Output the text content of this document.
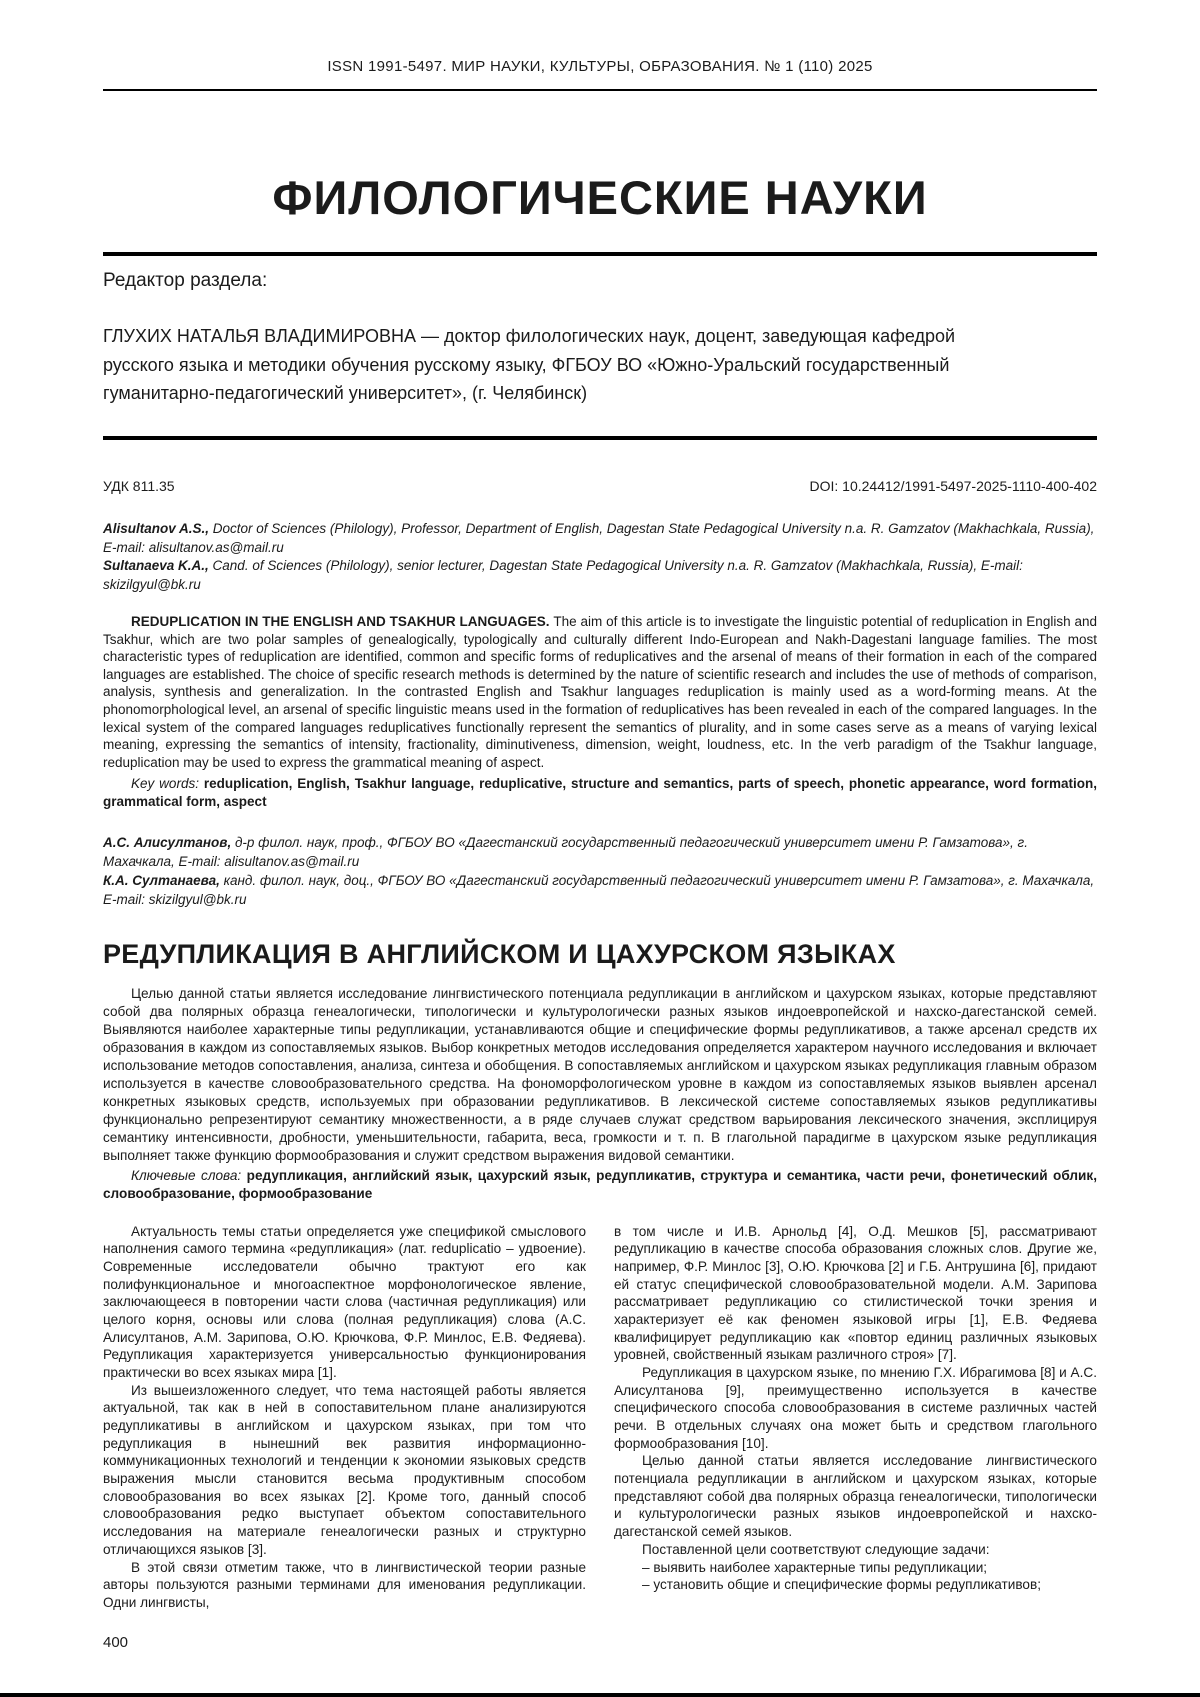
ISSN 1991-5497. МИР НАУКИ, КУЛЬТУРЫ, ОБРАЗОВАНИЯ. № 1 (110) 2025
ФИЛОЛОГИЧЕСКИЕ НАУКИ
Редактор раздела:
ГЛУХИХ НАТАЛЬЯ ВЛАДИМИРОВНА — доктор филологических наук, доцент, заведующая кафедрой русского языка и методики обучения русскому языку, ФГБОУ ВО «Южно-Уральский государственный гуманитарно-педагогический университет», (г. Челябинск)
УДК 811.35	DOI: 10.24412/1991-5497-2025-1110-400-402
Alisultanov A.S., Doctor of Sciences (Philology), Professor, Department of English, Dagestan State Pedagogical University n.a. R. Gamzatov (Makhachkala, Russia), E-mail: alisultanov.as@mail.ru
Sultanaeva K.A., Cand. of Sciences (Philology), senior lecturer, Dagestan State Pedagogical University n.a. R. Gamzatov (Makhachkala, Russia), E-mail: skizilgyul@bk.ru

REDUPLICATION IN THE ENGLISH AND TSAKHUR LANGUAGES. The aim of this article is to investigate the linguistic potential of reduplication in English and Tsakhur, which are two polar samples of genealogically, typologically and culturally different Indo-European and Nakh-Dagestani language families. The most characteristic types of reduplication are identified, common and specific forms of reduplicatives and the arsenal of means of their formation in each of the compared languages are established. The choice of specific research methods is determined by the nature of scientific research and includes the use of methods of comparison, analysis, synthesis and generalization. In the contrasted English and Tsakhur languages reduplication is mainly used as a word-forming means. At the phonomorphological level, an arsenal of specific linguistic means used in the formation of reduplicatives has been revealed in each of the compared languages. In the lexical system of the compared languages reduplicatives functionally represent the semantics of plurality, and in some cases serve as a means of varying lexical meaning, expressing the semantics of intensity, fractionality, diminutiveness, dimension, weight, loudness, etc. In the verb paradigm of the Tsakhur language, reduplication may be used to express the grammatical meaning of aspect.

Key words: reduplication, English, Tsakhur language, reduplicative, structure and semantics, parts of speech, phonetic appearance, word formation, grammatical form, aspect

А.С. Алисултанов, д-р филол. наук, проф., ФГБОУ ВО «Дагестанский государственный педагогический университет имени Р. Гамзатова», г. Махачкала, E-mail: alisultanov.as@mail.ru
К.А. Султанаева, канд. филол. наук, доц., ФГБОУ ВО «Дагестанский государственный педагогический университет имени Р. Гамзатова», г. Махачкала, E-mail: skizilgyul@bk.ru
РЕДУПЛИКАЦИЯ В АНГЛИЙСКОМ И ЦАХУРСКОМ ЯЗЫКАХ

Целью данной статьи является исследование лингвистического потенциала редупликации в английском и цахурском языках, которые представляют собой два полярных образца генеалогически, типологически и культурологически разных языков индоевропейской и нахско-дагестанской семей. Выявляются наиболее характерные типы редупликации, устанавливаются общие и специфические формы редупликативов, а также арсенал средств их образования в каждом из сопоставляемых языков. Выбор конкретных методов исследования определяется характером научного исследования и включает использование методов сопоставления, анализа, синтеза и обобщения. В сопоставляемых английском и цахурском языках редупликация главным образом используется в качестве словообразовательного средства. На фономорфологическом уровне в каждом из сопоставляемых языков выявлен арсенал конкретных языковых средств, используемых при образовании редупликативов. В лексической системе сопоставляемых языков редупликативы функционально репрезентируют семантику множественности, а в ряде случаев служат средством варьирования лексического значения, эксплицируя семантику интенсивности, дробности, уменьшительности, габарита, веса, громкости и т. п. В глагольной парадигме в цахурском языке редупликация выполняет также функцию формообразования и служит средством выражения видовой семантики.

Ключевые слова: редупликация, английский язык, цахурский язык, редупликатив, структура и семантика, части речи, фонетический облик, словообразование, формообразование

Актуальность темы статьи определяется уже спецификой смыслового наполнения самого термина «редупликация» (лат. reduplicatio – удвоение). Современные исследователи обычно трактуют его как полифункциональное и многоаспектное морфонологическое явление, заключающееся в повторении части слова (частичная редупликация) или целого корня, основы или слова (полная редупликация) слова (А.С. Алисултанов, А.М. Зарипова, О.Ю. Крючкова, Ф.Р. Минлос, Е.В. Федяева). Редупликация характеризуется универсальностью функционирования практически во всех языках мира [1].

Из вышеизложенного следует, что тема настоящей работы является актуальной, так как в ней в сопоставительном плане анализируются редупликативы в английском и цахурском языках, при том что редупликация в нынешний век развития информационно-коммуникационных технологий и тенденции к экономии языковых средств выражения мысли становится весьма продуктивным способом словообразования во всех языках [2]. Кроме того, данный способ словообразования редко выступает объектом сопоставительного исследования на материале генеалогически разных и структурно отличающихся языков [3].

В этой связи отметим также, что в лингвистической теории разные авторы пользуются разными терминами для именования редупликации. Одни лингвисты,

в том числе и И.В. Арнольд [4], О.Д. Мешков [5], рассматривают редупликацию в качестве способа образования сложных слов. Другие же, например, Ф.Р. Минлос [3], О.Ю. Крючкова [2] и Г.Б. Антрушина [6], придают ей статус специфической словообразовательной модели. А.М. Зарипова рассматривает редупликацию со стилистической точки зрения и характеризует её как феномен языковой игры [1], Е.В. Федяева квалифицирует редупликацию как «повтор единиц различных языковых уровней, свойственный языкам различного строя» [7].

Редупликация в цахурском языке, по мнению Г.Х. Ибрагимова [8] и А.С. Алисултанова [9], преимущественно используется в качестве специфического способа словообразования в системе различных частей речи. В отдельных случаях она может быть и средством глагольного формообразования [10].

Целью данной статьи является исследование лингвистического потенциала редупликации в английском и цахурском языках, которые представляют собой два полярных образца генеалогически, типологически и культурологически разных языков индоевропейской и нахско-дагестанской семей языков.

Поставленной цели соответствуют следующие задачи:

– выявить наиболее характерные типы редупликации;

– установить общие и специфические формы редупликативов;

400
